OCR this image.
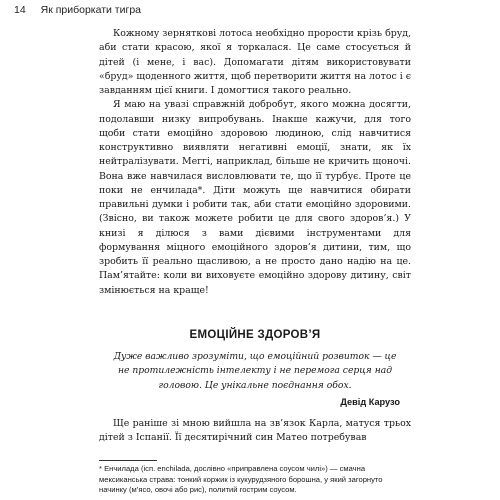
14 Як приборкати тигра

Кожному зерняткові лотоса необхідно прорости крізь бруд, аби стати красою, якої я торкалася. Це саме стосується й дітей (і мене, і вас). Допомагати дітям використовувати «бруд» щоденного життя, щоб перетворити життя на лотос і є завданням цієї книги. І домогтися такого реально.

Я маю на увазі справжній добробут, якого можна досягти, подолавши низку випробувань. Інакше кажучи, для того щоби стати емоційно здоровою людиною, слід навчитися конструктивно виявляти негативні емоції, знати, як їх нейтралізувати. Меггі, наприклад, більше не кричить щоночі. Вона вже навчилася висловлювати те, що її турбує. Проте це поки не енчилада*. Діти можуть ще навчитися обирати правильні думки і робити так, аби стати емоційно здоровими. (Звісно, ви також можете робити це для свого здоров’я.) У книзі я ділюся з вами дієвими інструментами для формування міцного емоційного здоров’я дитини, тим, що зробить її реально щасливою, а не просто дано надію на це. Пам’ятайте: коли ви виховуєте емоційно здорову дитину, світ змінюється на краще!

ЕМОЦІЙНЕ ЗДОРОВ’Я
Дуже важливо зрозуміти, що емоційний розвиток — це не протилежність інтелекту і не перемога серця над головою. Це унікальне поєднання обох.
Девід Карузо

Ще раніше зі мною вийшла на зв’язок Карла, матуся трьох дітей з Іспанії. Її десятирічний син Матео потребував

* Енчилада (ісп. enchilada, дослівно «приправлена соусом чилі») — смачна мексиканська страва: тонкий коржик із кукурудзяного борошна, у який загорнуто начинку (м’ясо, овочі або рис), политий гострим соусом.
